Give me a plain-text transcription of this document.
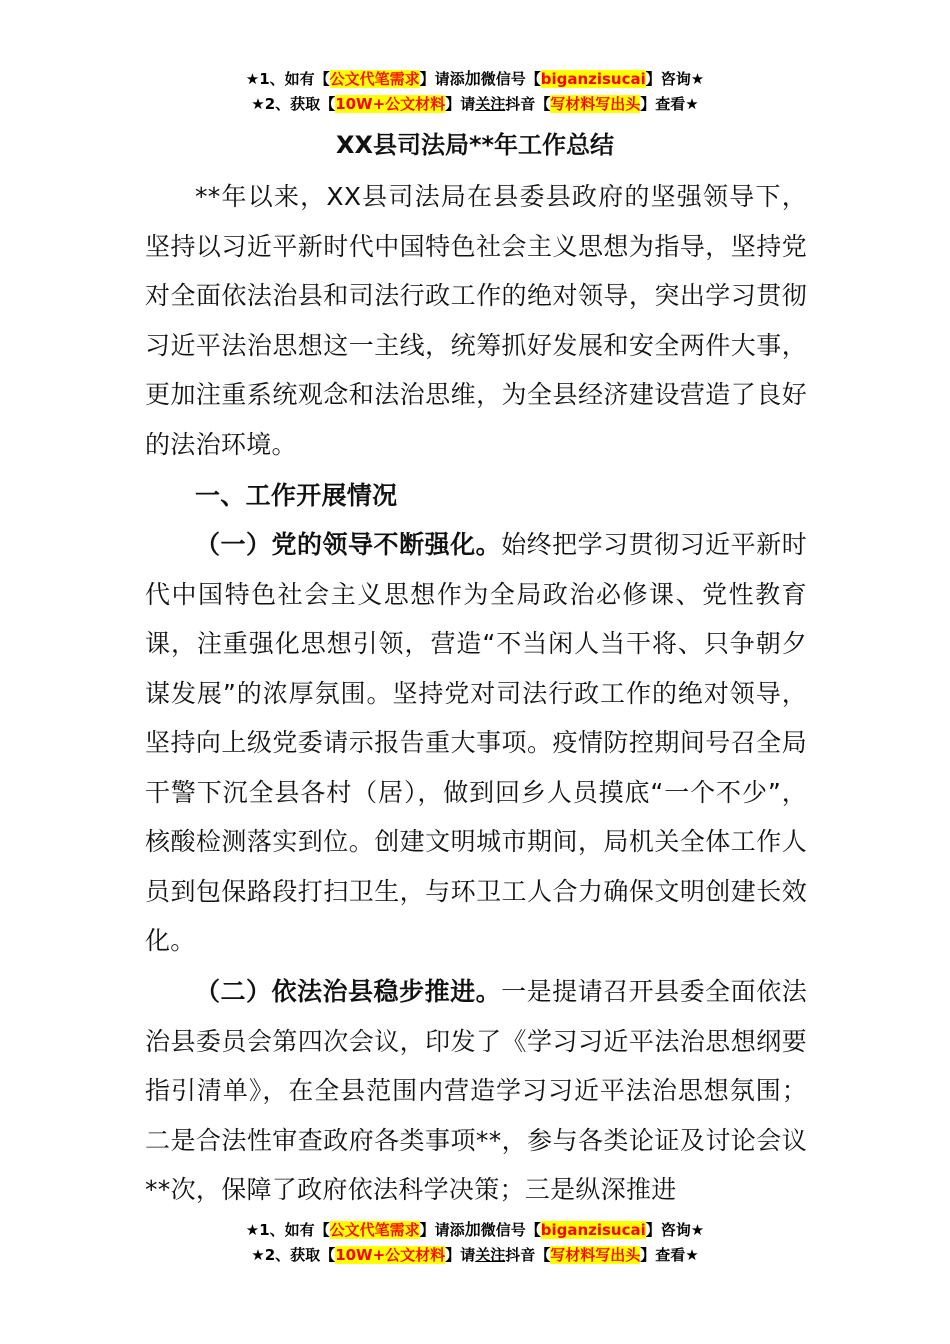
★1、如有【公文代笔需求】请添加微信号【biganzisucai】咨询★
★2、获取【10W+公文材料】请关注抖音【写材料写出头】查看★
XX县司法局**年工作总结

**年以来，XX县司法局在县委县政府的坚强领导下，坚持以习近平新时代中国特色社会主义思想为指导，坚持党对全面依法治县和司法行政工作的绝对领导，突出学习贯彻习近平法治思想这一主线，统筹抓好发展和安全两件大事，更加注重系统观念和法治思维，为全县经济建设营造了良好的法治环境。

一、工作开展情况

（一）党的领导不断强化。始终把学习贯彻习近平新时代中国特色社会主义思想作为全局政治必修课、党性教育课，注重强化思想引领，营造“不当闲人当干将、只争朝夕谋发展”的浓厚氛围。坚持党对司法行政工作的绝对领导，坚持向上级党委请示报告重大事项。疫情防控期间号召全局干警下沉全县各村（居），做到回乡人员摸底“一个不少”，核酸检测落实到位。创建文明城市期间，局机关全体工作人员到包保路段打扫卫生，与环卫工人合力确保文明创建长效化。

（二）依法治县稳步推进。一是提请召开县委全面依法治县委员会第四次会议，印发了《学习习近平法治思想纲要指引清单》，在全县范围内营造学习习近平法治思想氛围；二是合法性审查政府各类事项**，参与各类论证及讨论会议**次，保障了政府依法科学决策；三是纵深推进

★1、如有【公文代笔需求】请添加微信号【biganzisucai】咨询★
★2、获取【10W+公文材料】请关注抖音【写材料写出头】查看★
